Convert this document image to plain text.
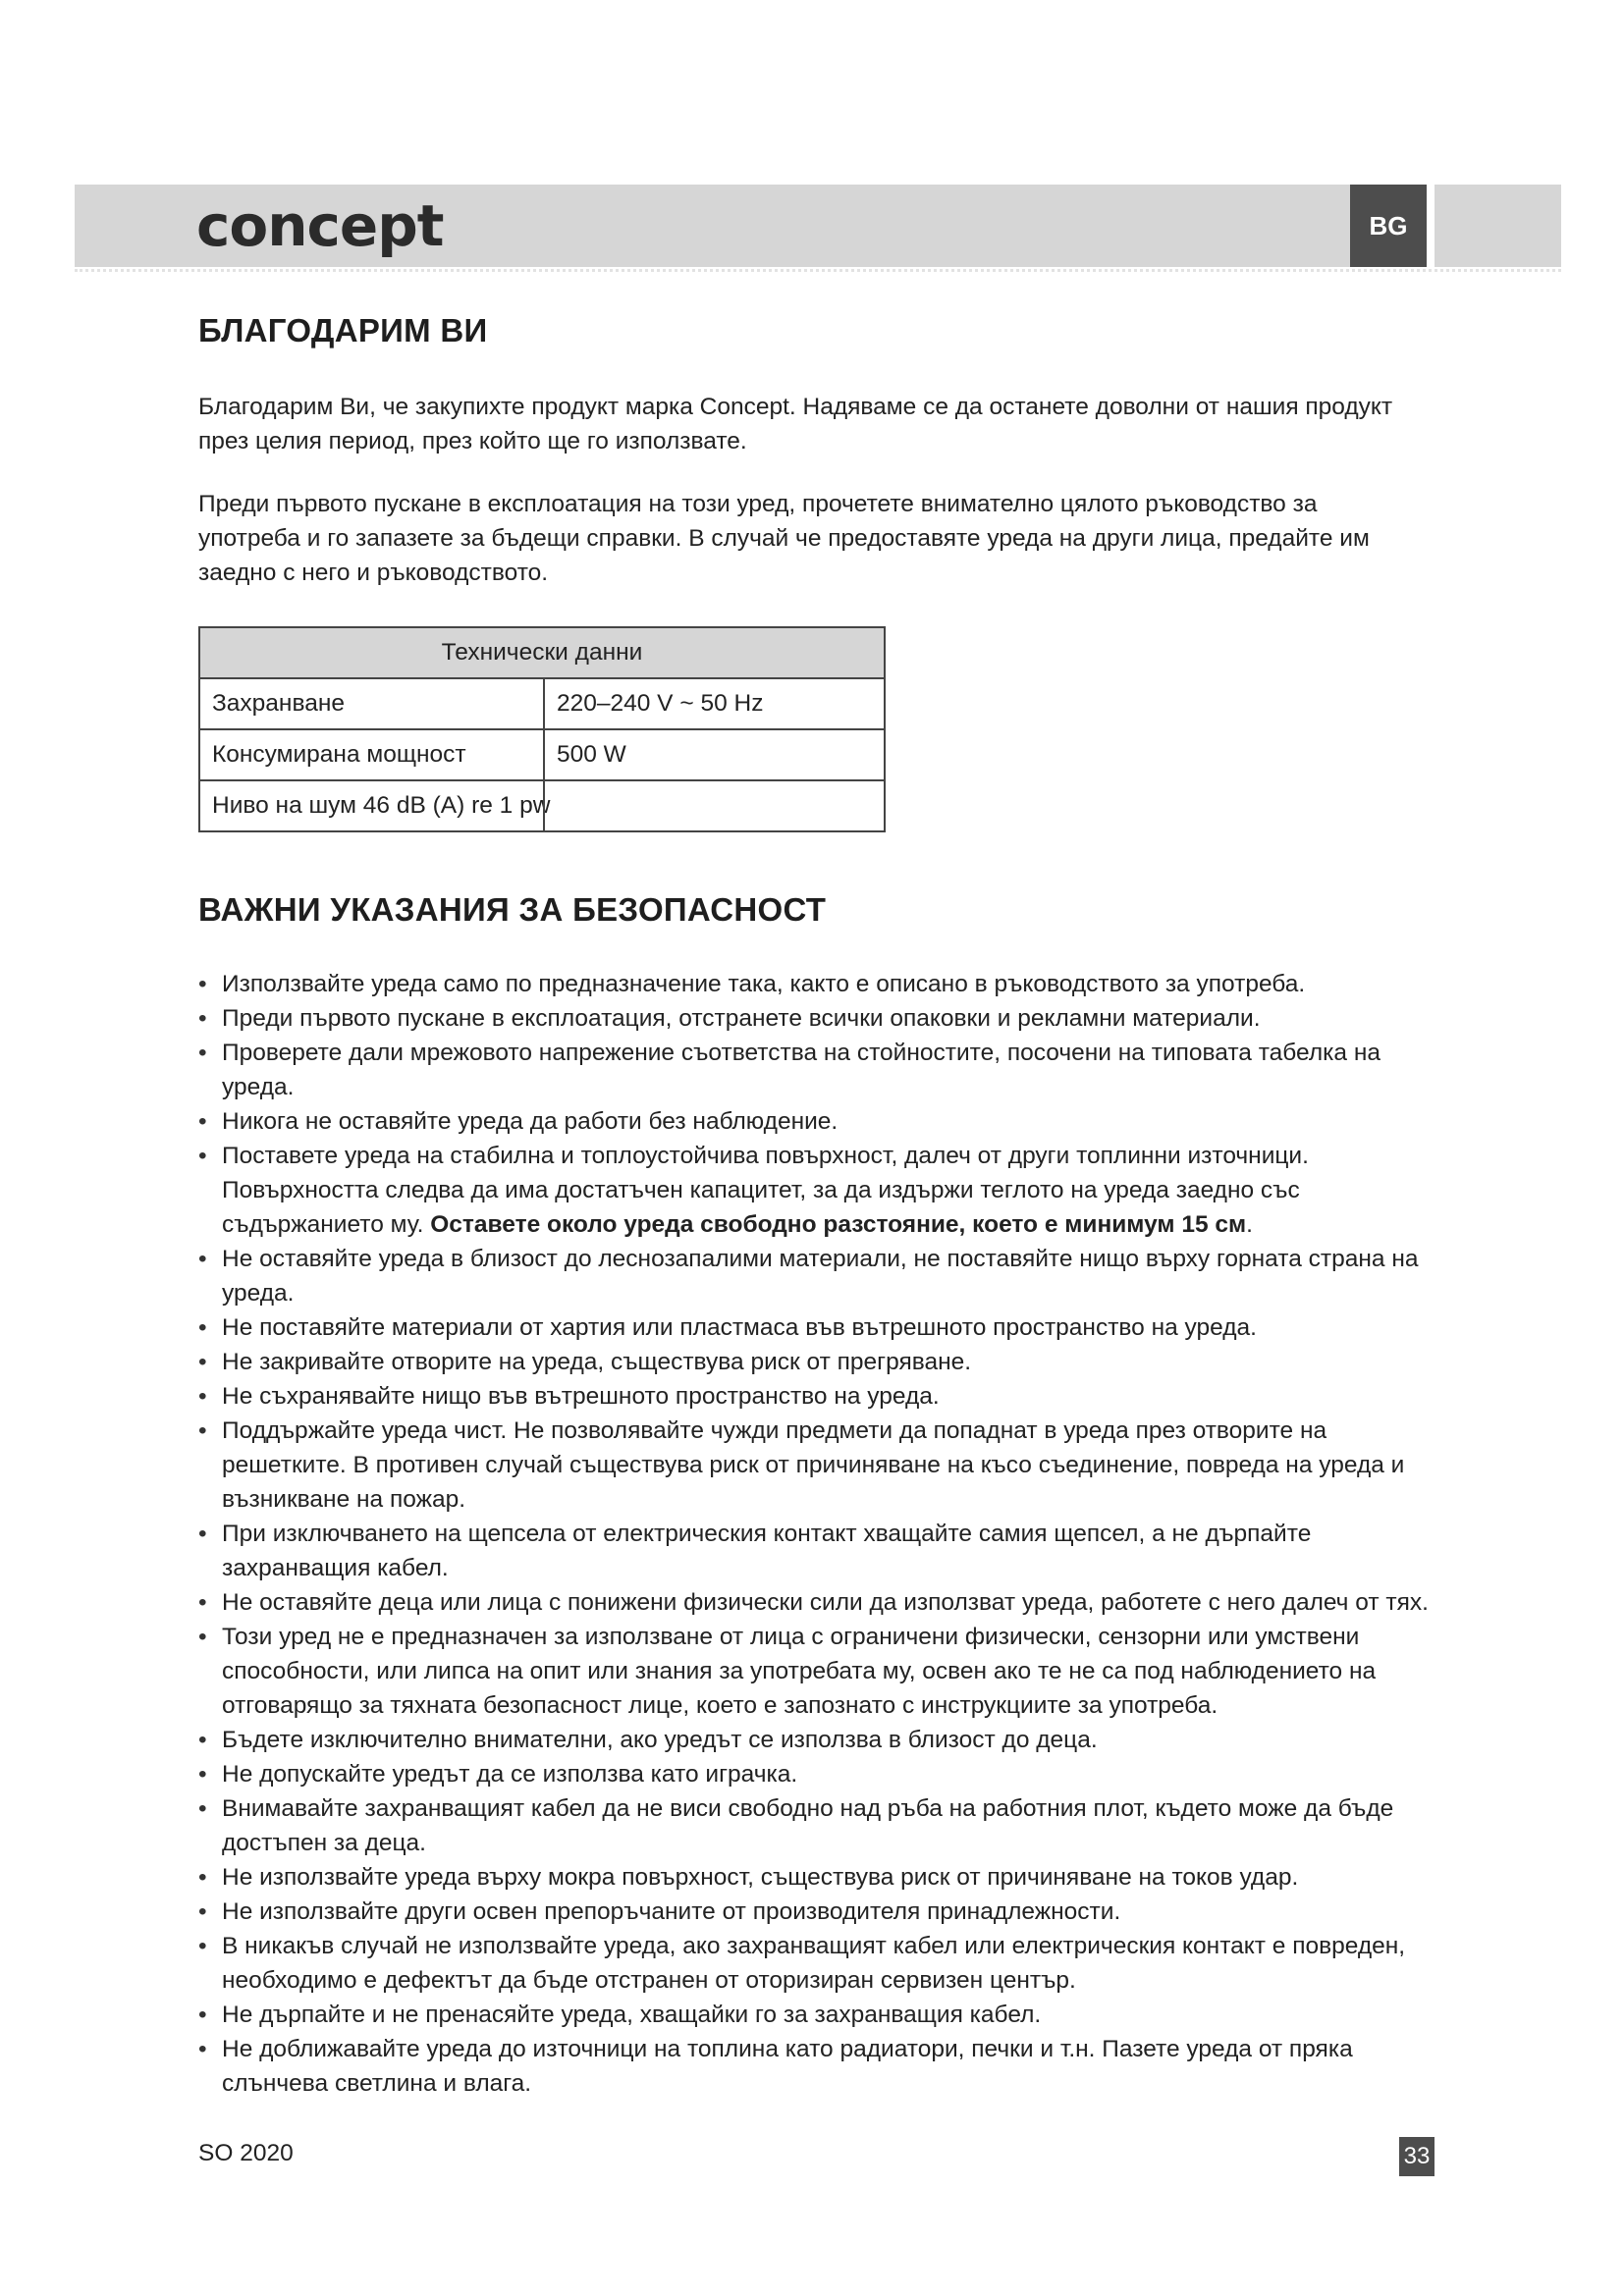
concept	BG
БЛАГОДАРИМ ВИ

Благодарим Ви, че закупихте продукт марка Concept. Надяваме се да останете доволни от нашия продукт през целия период, през който ще го използвате.

Преди първото пускане в експлоатация на този уред, прочетете внимателно цялото ръководство за употреба и го запазете за бъдещи справки. В случай че предоставяте уреда на други лица, предайте им заедно с него и ръководството.

Технически данни	
Захранване	220–240 V ~ 50 Hz
Консумирана мощност	500 W
Ниво на шум 46 dB (A) re 1 pw	
ВАЖНИ УКАЗАНИЯ ЗА БЕЗОПАСНОСТ
• Използвайте уреда само по предназначение така, както е описано в ръководството за употреба.
• Преди първото пускане в експлоатация, отстранете всички опаковки и рекламни материали.
• Проверете дали мрежовото напрежение съответства на стойностите, посочени на типовата табелка на уреда.
• Никога не оставяйте уреда да работи без наблюдение.
• Поставете уреда на стабилна и топлоустойчива повърхност, далеч от други топлинни източници. Повърхността следва да има достатъчен капацитет, за да издържи теглото на уреда заедно със съдържанието му. Оставете около уреда свободно разстояние, което е минимум 15 см.
• Не оставяйте уреда в близост до леснозапалими материали, не поставяйте нищо върху горната страна на уреда.
• Не поставяйте материали от хартия или пластмаса във вътрешното пространство на уреда.
• Не закривайте отворите на уреда, съществува риск от прегряване.
• Не съхранявайте нищо във вътрешното пространство на уреда.
• Поддържайте уреда чист. Не позволявайте чужди предмети да попаднат в уреда през отворите на решетките. В противен случай съществува риск от причиняване на късо съединение, повреда на уреда и възникване на пожар.
• При изключването на щепсела от електрическия контакт хващайте самия щепсел, а не дърпайте захранващия кабел.
• Не оставяйте деца или лица с понижени физически сили да използват уреда, работете с него далеч от тях.
• Този уред не е предназначен за използване от лица с ограничени физически, сензорни или умствени способности, или липса на опит или знания за употребата му, освен ако те не са под наблюдението на отговарящо за тяхната безопасност лице, което е запознато с инструкциите за употреба.
• Бъдете изключително внимателни, ако уредът се използва в близост до деца.
• Не допускайте уредът да се използва като играчка.
• Внимавайте захранващият кабел да не виси свободно над ръба на работния плот, където може да бъде достъпен за деца.
• Не използвайте уреда върху мокра повърхност, съществува риск от причиняване на токов удар.
• Не използвайте други освен препоръчаните от производителя принадлежности.
• В никакъв случай не използвайте уреда, ако захранващият кабел или електрическия контакт е повреден, необходимо е дефектът да бъде отстранен от оторизиран сервизен център.
• Не дърпайте и не пренасяйте уреда, хващайки го за захранващия кабел.
• Не доближавайте уреда до източници на топлина като радиатори, печки и т.н. Пазете уреда от пряка слънчева светлина и влага.
SO 2020	33
